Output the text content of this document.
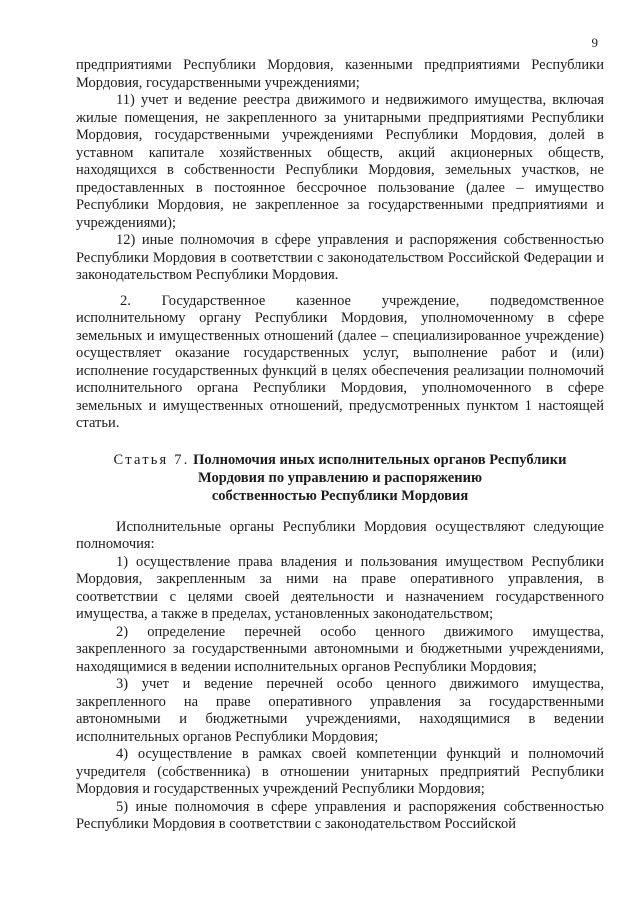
9

предприятиями Республики Мордовия, казенными предприятиями Республики Мордовия, государственными учреждениями;

11) учет и ведение реестра движимого и недвижимого имущества, включая жилые помещения, не закрепленного за унитарными предприятиями Республики Мордовия, государственными учреждениями Республики Мордовия, долей в уставном капитале хозяйственных обществ, акций акционерных обществ, находящихся в собственности Республики Мордовия, земельных участков, не предоставленных в постоянное бессрочное пользование (далее – имущество Республики Мордовия, не закрепленное за государственными предприятиями и учреждениями);

12) иные полномочия в сфере управления и распоряжения собственностью Республики Мордовия в соответствии с законодательством Российской Федерации и законодательством Республики Мордовия.

2. Государственное казенное учреждение, подведомственное исполнительному органу Республики Мордовия, уполномоченному в сфере земельных и имущественных отношений (далее – специализированное учреждение) осуществляет оказание государственных услуг, выполнение работ и (или) исполнение государственных функций в целях обеспечения реализации полномочий исполнительного органа Республики Мордовия, уполномоченного в сфере земельных и имущественных отношений, предусмотренных пунктом 1 настоящей статьи.

Статья 7. Полномочия иных исполнительных органов Республики
Мордовия по управлению и распоряжению
собственностью Республики Мордовия

Исполнительные органы Республики Мордовия осуществляют следующие полномочия:

1) осуществление права владения и пользования имуществом Республики Мордовия, закрепленным за ними на праве оперативного управления, в соответствии с целями своей деятельности и назначением государственного имущества, а также в пределах, установленных законодательством;

2) определение перечней особо ценного движимого имущества, закрепленного за государственными автономными и бюджетными учреждениями, находящимися в ведении исполнительных органов Республики Мордовия;

3) учет и ведение перечней особо ценного движимого имущества, закрепленного на праве оперативного управления за государственными автономными и бюджетными учреждениями, находящимися в ведении исполнительных органов Республики Мордовия;

4) осуществление в рамках своей компетенции функций и полномочий учредителя (собственника) в отношении унитарных предприятий Республики Мордовия и государственных учреждений Республики Мордовия;

5) иные полномочия в сфере управления и распоряжения собственностью Республики Мордовия в соответствии с законодательством Российской
